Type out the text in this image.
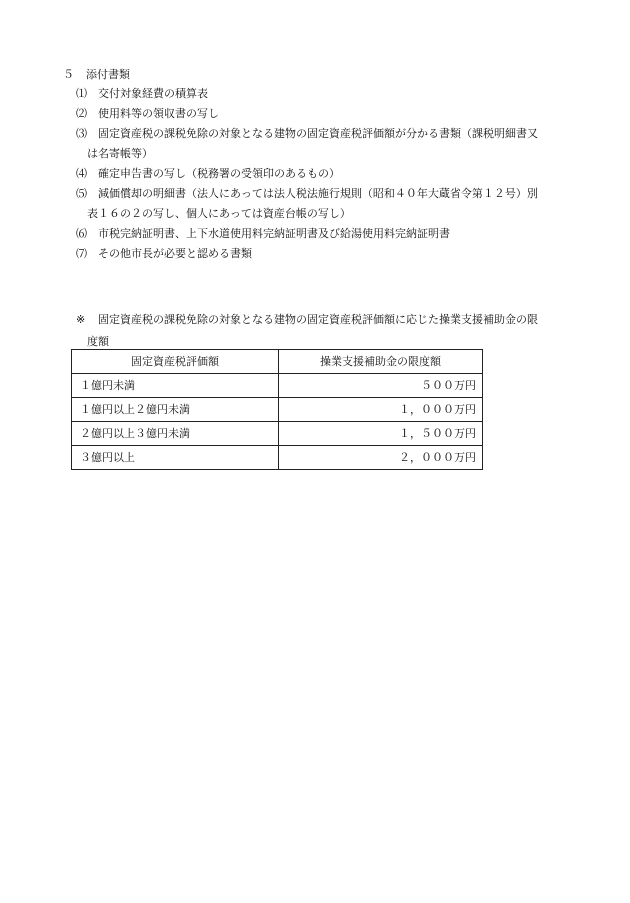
５ 添付書類
⑴ 交付対象経費の積算表
⑵ 使用料等の領収書の写し
⑶ 固定資産税の課税免除の対象となる建物の固定資産税評価額が分かる書類（課税明細書又
は名寄帳等）
⑷ 確定申告書の写し（税務署の受領印のあるもの）
⑸ 減価償却の明細書（法人にあっては法人税法施行規則（昭和４０年大蔵省令第１２号）別
表１６の２の写し、個人にあっては資産台帳の写し）
⑹ 市税完納証明書、上下水道使用料完納証明書及び給湯使用料完納証明書
⑺ その他市長が必要と認める書類
※ 固定資産税の課税免除の対象となる建物の固定資産税評価額に応じた操業支援補助金の限
度額
固定資産税評価額	操業支援補助金の限度額
１億円未満	５００万円
１億円以上２億円未満	１，０００万円
２億円以上３億円未満	１，５００万円
３億円以上	２，０００万円
